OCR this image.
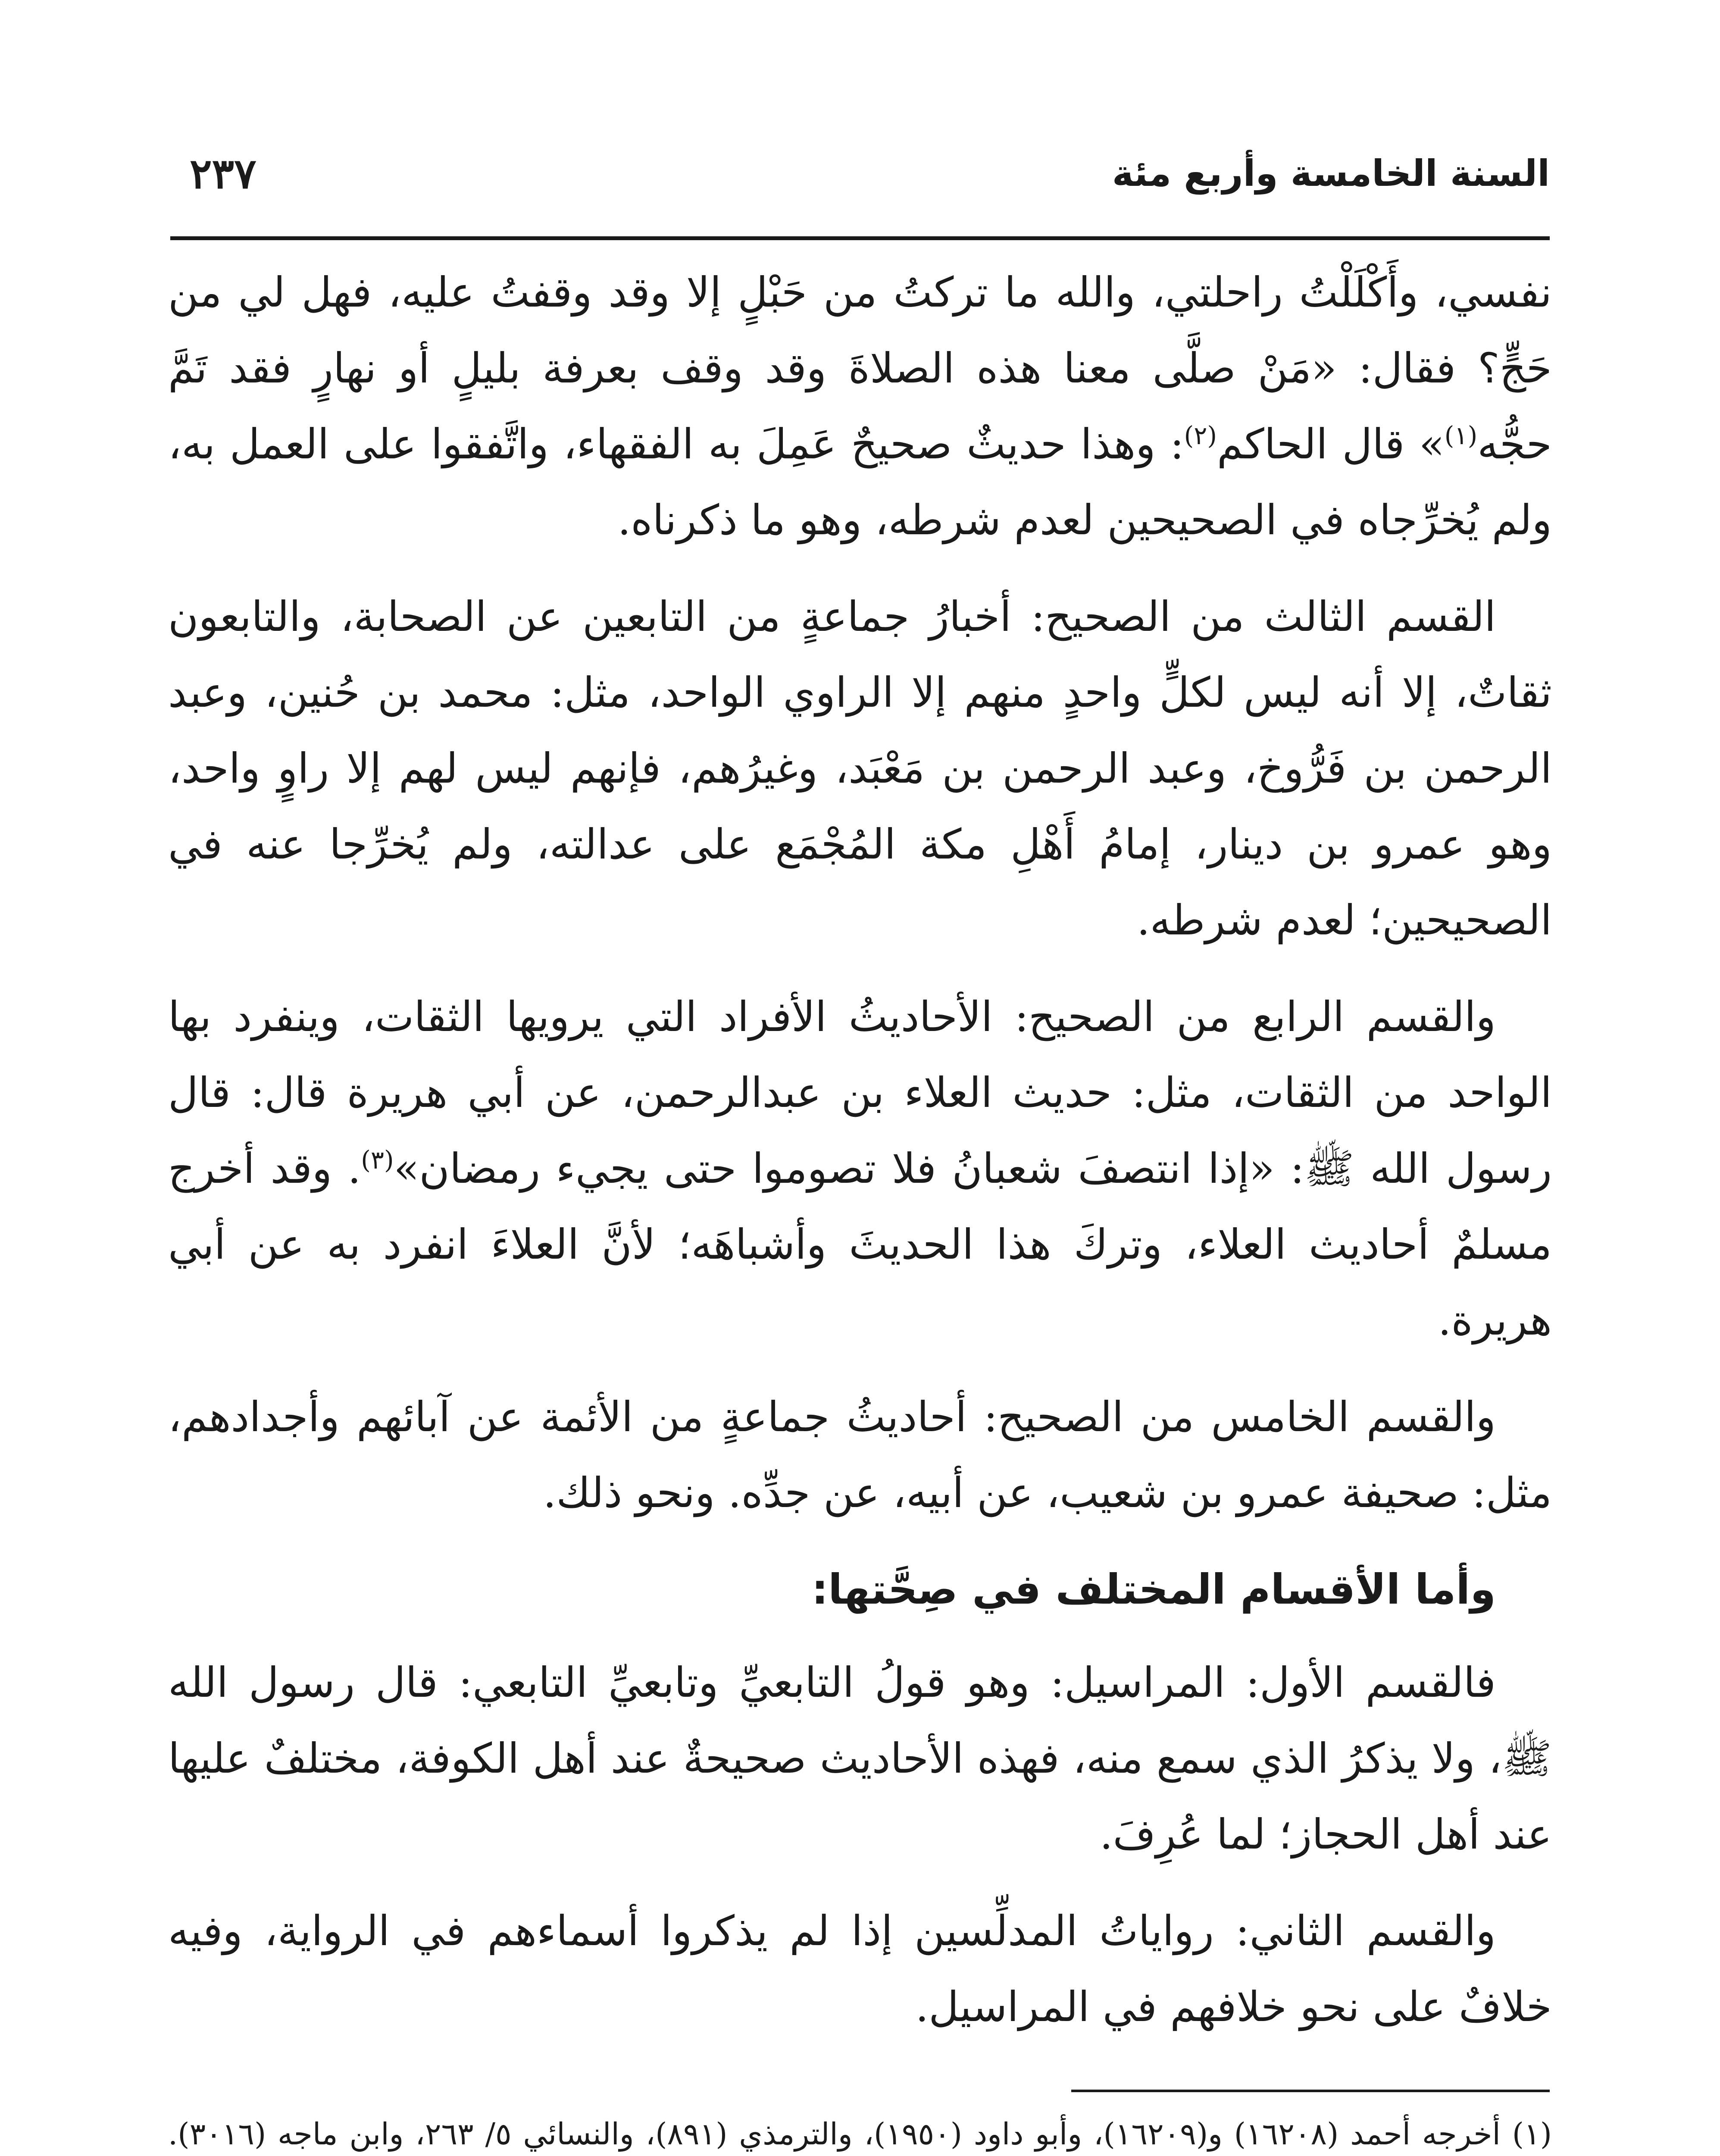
السنة الخامسة وأربع مئة
٢٣٧

نفسي، وأَكْلَلْتُ راحلتي، والله ما تركتُ من حَبْلٍ إلا وقد وقفتُ عليه، فهل لي من حَجٍّ؟ فقال: «مَنْ صلَّى معنا هذه الصلاةَ وقد وقف بعرفة بليلٍ أو نهارٍ فقد تَمَّ حجُّه$^{(١)}$» قال الحاكم$^{(٢)}$: وهذا حديثٌ صحيحٌ عَمِلَ به الفقهاء، واتَّفقوا على العمل به، ولم يُخرِّجاه في الصحيحين لعدم شرطه، وهو ما ذكرناه.

القسم الثالث من الصحيح: أخبارُ جماعةٍ من التابعين عن الصحابة، والتابعون ثقاتٌ، إلا أنه ليس لكلٍّ واحدٍ منهم إلا الراوي الواحد، مثل: محمد بن حُنين، وعبد الرحمن بن فَرُّوخ، وعبد الرحمن بن مَعْبَد، وغيرُهم، فإنهم ليس لهم إلا راوٍ واحد، وهو عمرو بن دينار، إمامُ أَهْلِ مكة المُجْمَع على عدالته، ولم يُخرِّجا عنه في الصحيحين؛ لعدم شرطه.

والقسم الرابع من الصحيح: الأحاديثُ الأفراد التي يرويها الثقات، وينفرد بها الواحد من الثقات، مثل: حديث العلاء بن عبدالرحمن، عن أبي هريرة قال: قال رسول الله ﷺ: «إذا انتصفَ شعبانُ فلا تصوموا حتى يجيء رمضان»$^{(٣)}$. وقد أخرج مسلمٌ أحاديث العلاء، وتركَ هذا الحديثَ وأشباهَه؛ لأنَّ العلاءَ انفرد به عن أبي هريرة.

والقسم الخامس من الصحيح: أحاديثُ جماعةٍ من الأئمة عن آبائهم وأجدادهم، مثل: صحيفة عمرو بن شعيب، عن أبيه، عن جدِّه. ونحو ذلك.

وأما الأقسام المختلف في صِحَّتها:

فالقسم الأول: المراسيل: وهو قولُ التابعيِّ وتابعيِّ التابعي: قال رسول الله ﷺ، ولا يذكرُ الذي سمع منه، فهذه الأحاديث صحيحةٌ عند أهل الكوفة، مختلفٌ عليها عند أهل الحجاز؛ لما عُرِفَ.

والقسم الثاني: رواياتُ المدلِّسين إذا لم يذكروا أسماءهم في الرواية، وفيه خلافٌ على نحو خلافهم في المراسيل.

(١) أخرجه أحمد (١٦٢٠٨) و(١٦٢٠٩)، وأبو داود (١٩٥٠)، والترمذي (٨٩١)، والنسائي ٥/ ٢٦٣، وابن ماجه (٣٠١٦).
